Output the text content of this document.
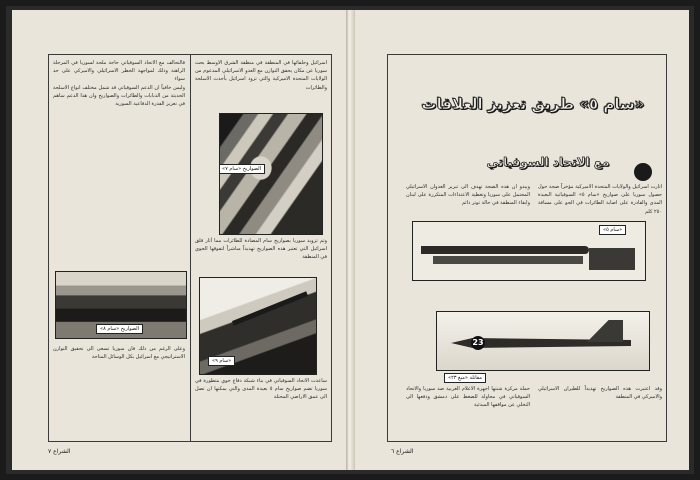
اسرائيل وحلفائها في المنطقة في منطقة الشرق الاوسط بحث سوريا عن مكان يحقق التوازن مع العدو الاسرائيلي المدعوم من الولايات المتحدة الاميركية والتي تزود اسرائيل بأحدث الاسلحة والطائرات

الصواريخ «سام ٧»

وتم تزويد سوريا بصواريخ سام المضادة للطائرات مما أثار قلق اسرائيل التي تعتبر هذه الصواريخ تهديداً مباشراً لتفوقها الجوي في المنطقة

«سام ٩»

ساعدت الاتحاد السوفياتي في بناء شبكة دفاع جوي متطورة في سوريا تضم صواريخ سام ٥ بعيدة المدى والتي يمكنها ان تصل الى عمق الاراضي المحتلة

فالتحالف مع الاتحاد السوفياتي حاجة ملحة لسوريا في المرحلة الراهنة وذلك لمواجهة الخطر الاسرائيلي والاميركي على حد سواء

وليس خافياً ان الدعم السوفياتي قد شمل مختلف انواع الاسلحة الحديثة من الدبابات والطائرات والصواريخ وان هذا الدعم ساهم في تعزيز القدرة الدفاعية السورية

الصواريخ «سام ٨»

وعلى الرغم من ذلك فان سوريا تسعى الى تحقيق التوازن الاستراتيجي مع اسرائيل بكل الوسائل المتاحة

الشراع ٧
«سام ٥» طريق تعزيز العلاقات
مع الاتحاد السوفياتي

اثارت اسرائيل والولايات المتحدة الاميركية مؤخراً ضجة حول حصول سوريا على صواريخ «سام ٥» السوفياتية البعيدة المدى والقادرة على اصابة الطائرات في الجو على مسافة ٢٥٠ كلم

ويبدو ان هذه الضجة تهدف الى تبرير العدوان الاسرائيلي المحتمل على سوريا وتغطية الاعتداءات المتكررة على لبنان وابقاء المنطقة في حالة توتر دائم

«سام ٥»
23
مقاتلة «ميغ ٢٣»

وقد اعتبرت هذه الصواريخ تهديداً للطيران الاسرائيلي والاميركي في المنطقة

حملة مركزة شنتها اجهزة الاعلام الغربية ضد سوريا والاتحاد السوفياتي في محاولة للضغط على دمشق ودفعها الى التخلي عن مواقفها المبدئية

الشراع ٦
